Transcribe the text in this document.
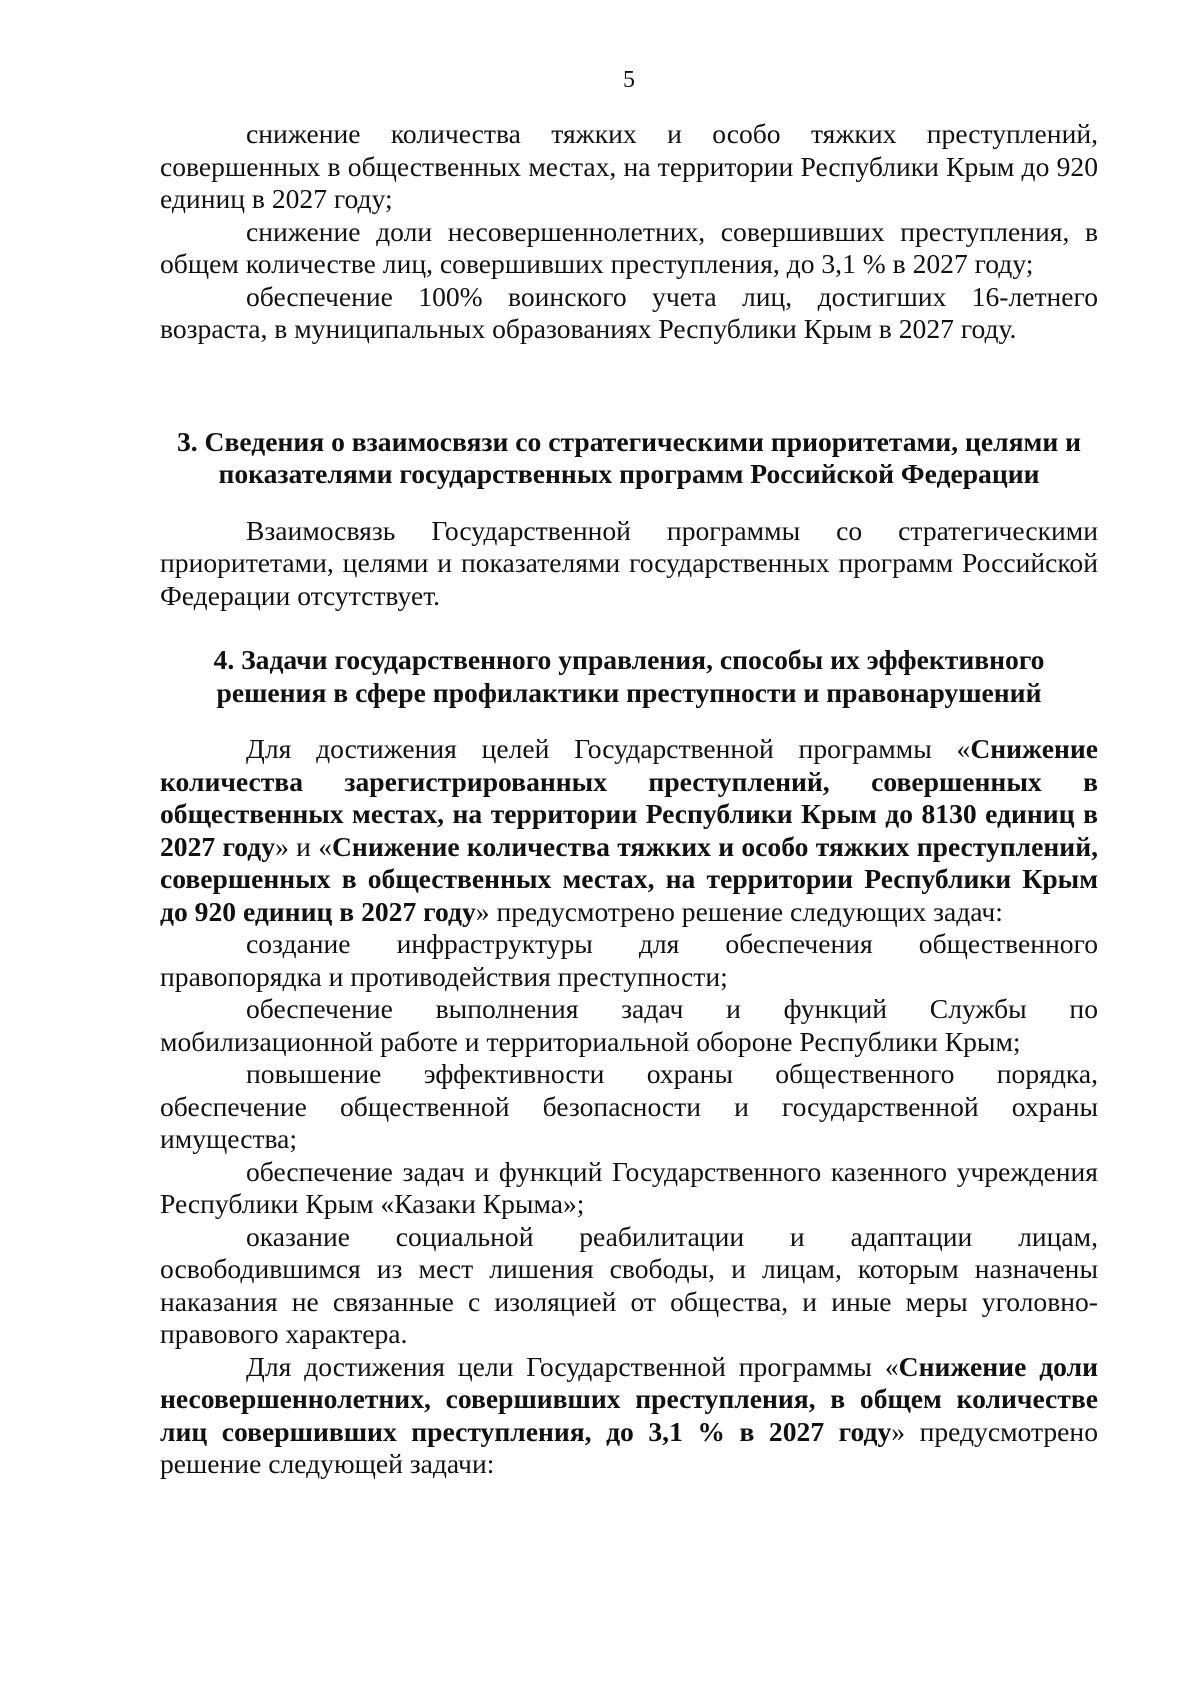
5

снижение количества тяжких и особо тяжких преступлений, совершенных в общественных местах, на территории Республики Крым до 920 единиц в 2027 году;

снижение доли несовершеннолетних, совершивших преступления, в общем количестве лиц, совершивших преступления, до 3,1 % в 2027 году;

обеспечение 100% воинского учета лиц, достигших 16-летнего возраста, в муниципальных образованиях Республики Крым в 2027 году.

3. Сведения о взаимосвязи со стратегическими приоритетами, целями и
показателями государственных программ Российской Федерации

Взаимосвязь Государственной программы со стратегическими приоритетами, целями и показателями государственных программ Российской Федерации отсутствует.

4. Задачи государственного управления, способы их эффективного
решения в сфере профилактики преступности и правонарушений

Для достижения целей Государственной программы «Снижение количества зарегистрированных преступлений, совершенных в общественных местах, на территории Республики Крым до 8130 единиц в 2027 году» и «Снижение количества тяжких и особо тяжких преступлений, совершенных в общественных местах, на территории Республики Крым до 920 единиц в 2027 году» предусмотрено решение следующих задач:

создание инфраструктуры для обеспечения общественного правопорядка и противодействия преступности;

обеспечение выполнения задач и функций Службы по мобилизационной работе и территориальной обороне Республики Крым;

повышение эффективности охраны общественного порядка, обеспечение общественной безопасности и государственной охраны имущества;

обеспечение задач и функций Государственного казенного учреждения Республики Крым «Казаки Крыма»;

оказание социальной реабилитации и адаптации лицам, освободившимся из мест лишения свободы, и лицам, которым назначены наказания не связанные с изоляцией от общества, и иные меры уголовно-правового характера.

Для достижения цели Государственной программы «Снижение доли несовершеннолетних, совершивших преступления, в общем количестве лиц совершивших преступления, до 3,1 % в 2027 году» предусмотрено решение следующей задачи:
